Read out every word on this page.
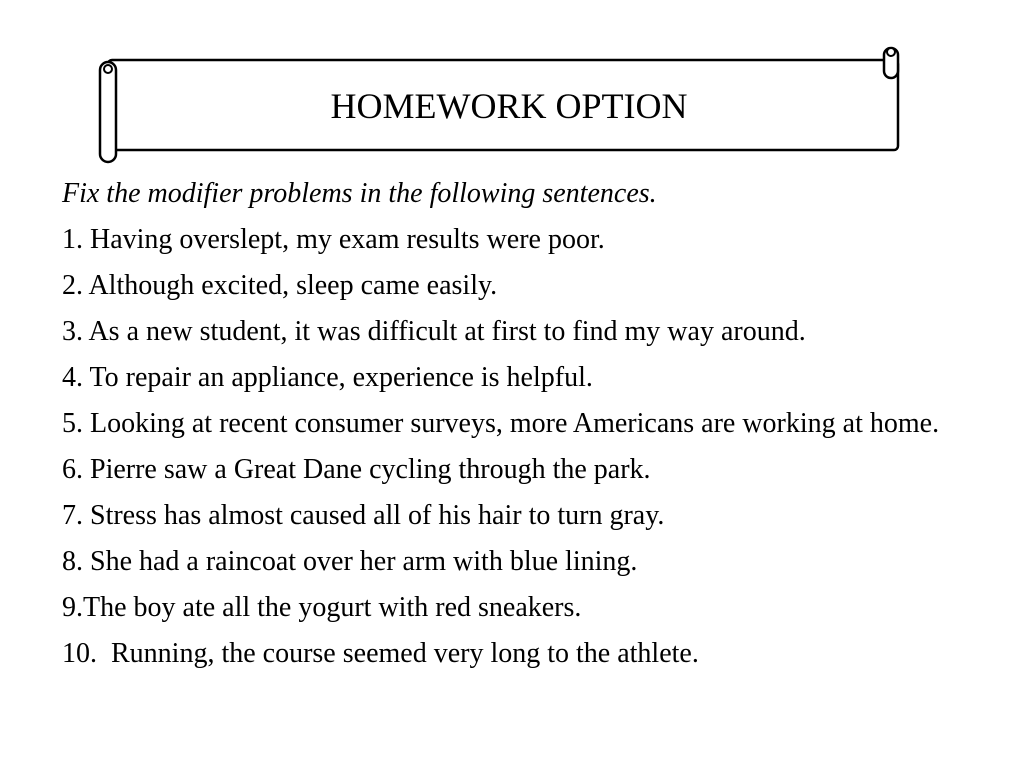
HOMEWORK OPTION

Fix the modifier problems in the following sentences.

1. Having overslept, my exam results were poor.

2. Although excited, sleep came easily.

3. As a new student, it was difficult at first to find my way around.

4. To repair an appliance, experience is helpful.

5. Looking at recent consumer surveys, more Americans are working at home.

6. Pierre saw a Great Dane cycling through the park.

7. Stress has almost caused all of his hair to turn gray.

8. She had a raincoat over her arm with blue lining.

9.The boy ate all the yogurt with red sneakers.

10.  Running, the course seemed very long to the athlete.
